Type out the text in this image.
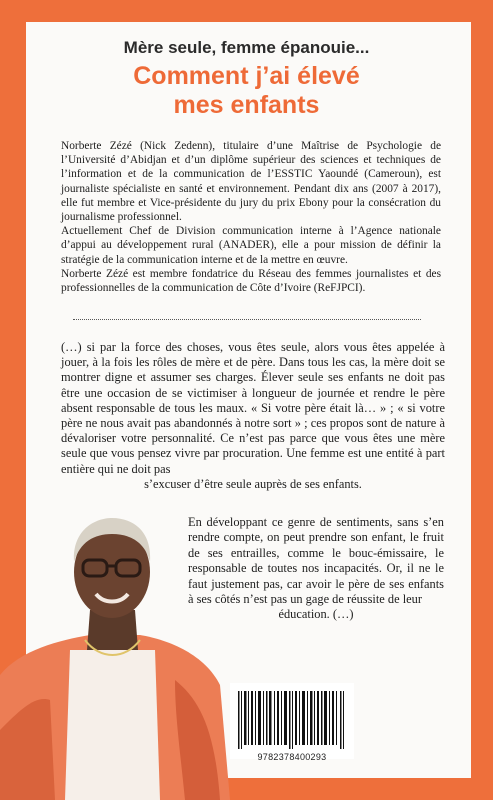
Mère seule, femme épanouie...
Comment j’ai élevé
mes enfants

Norberte Zézé (Nick Zedenn), titulaire d’une Maîtrise de Psychologie de l’Université d’Abidjan et d’un diplôme supérieur des sciences et techniques de l’information et de la communication de l’ESSTIC Yaoundé (Cameroun), est journaliste spécialiste en santé et environnement. Pendant dix ans (2007 à 2017), elle fut membre et Vice-présidente du jury du prix Ebony pour la consécration du journalisme professionnel.

Actuellement Chef de Division communication interne à l’Agence nationale d’appui au développement rural (ANADER), elle a pour mission de définir la stratégie de la communication interne et de la mettre en œuvre.

Norberte Zézé est membre fondatrice du Réseau des femmes journalistes et des professionnelles de la communication de Côte d’Ivoire (ReFJPCI).

(…) si par la force des choses, vous êtes seule, alors vous êtes appelée à jouer, à la fois les rôles de mère et de père. Dans tous les cas, la mère doit se montrer digne et assumer ses charges. Élever seule ses enfants ne doit pas être une occasion de se victimiser à longueur de journée et rendre le père absent responsable de tous les maux. « Si votre père était là… » ; « si votre père ne nous avait pas abandonnés à notre sort » ; ces propos sont de nature à dévaloriser votre personnalité. Ce n’est pas parce que vous êtes une mère seule que vous pensez vivre par procuration. Une femme est une entité à part entière qui ne doit pas

s’excuser d’être seule auprès de ses enfants.

En développant ce genre de sentiments, sans s’en rendre compte, on peut prendre son enfant, le fruit de ses entrailles, comme le bouc-émissaire, le responsable de toutes nos incapacités. Or, il ne le faut justement pas, car avoir le père de ses enfants à ses côtés n’est pas un gage de réussite de leur
éducation. (…)
9782378400293
